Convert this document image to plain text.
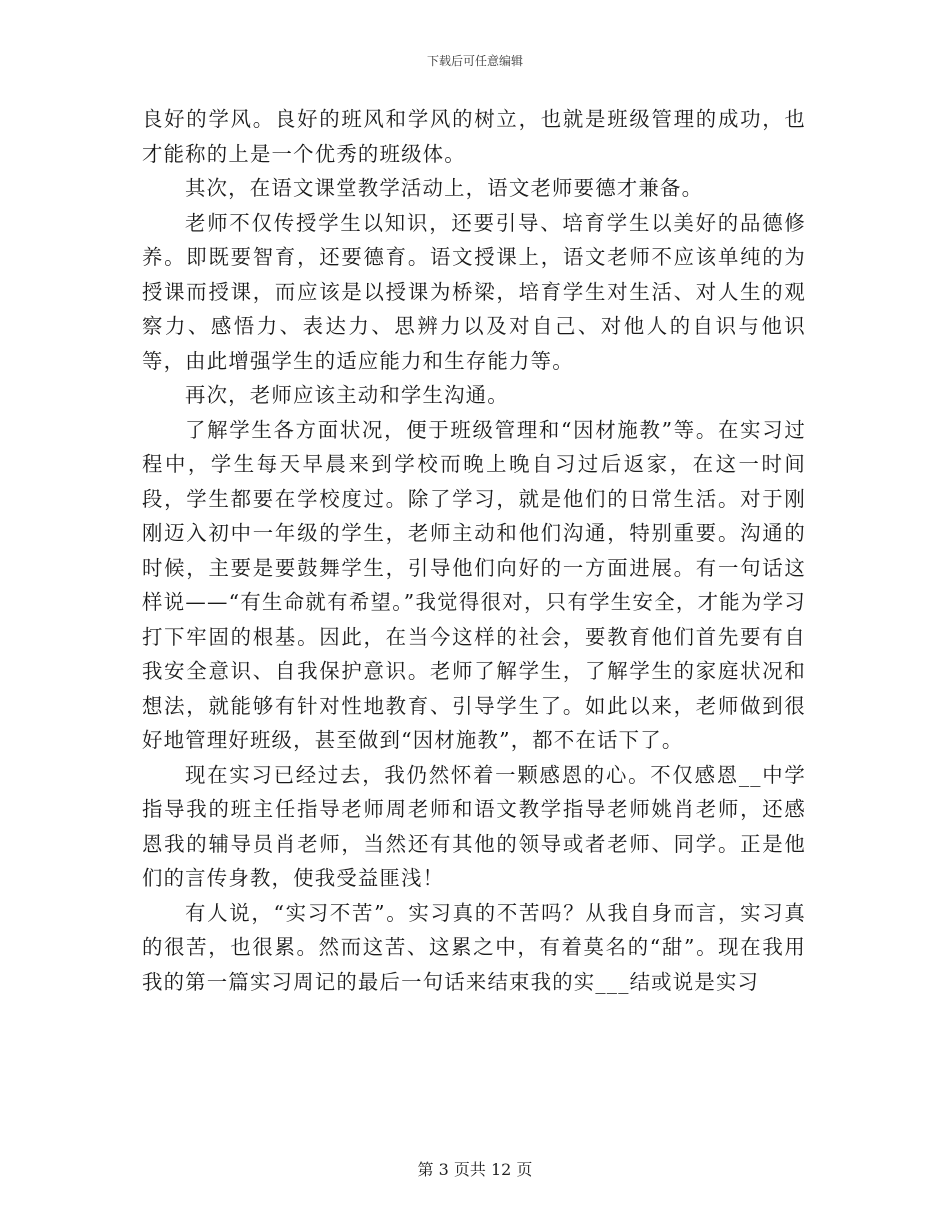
下载后可任意编辑

良好的学风。良好的班风和学风的树立，也就是班级管理的成功，也才能称的上是一个优秀的班级体。

其次，在语文课堂教学活动上，语文老师要德才兼备。

老师不仅传授学生以知识，还要引导、培育学生以美好的品德修养。即既要智育，还要德育。语文授课上，语文老师不应该单纯的为授课而授课，而应该是以授课为桥梁，培育学生对生活、对人生的观察力、感悟力、表达力、思辨力以及对自己、对他人的自识与他识等，由此增强学生的适应能力和生存能力等。

再次，老师应该主动和学生沟通。

了解学生各方面状况，便于班级管理和“因材施教”等。在实习过程中，学生每天早晨来到学校而晚上晚自习过后返家，在这一时间段，学生都要在学校度过。除了学习，就是他们的日常生活。对于刚刚迈入初中一年级的学生，老师主动和他们沟通，特别重要。沟通的时候，主要是要鼓舞学生，引导他们向好的一方面进展。有一句话这样说——“有生命就有希望。”我觉得很对，只有学生安全，才能为学习打下牢固的根基。因此，在当今这样的社会，要教育他们首先要有自我安全意识、自我保护意识。老师了解学生，了解学生的家庭状况和想法，就能够有针对性地教育、引导学生了。如此以来，老师做到很好地管理好班级，甚至做到“因材施教”，都不在话下了。

现在实习已经过去，我仍然怀着一颗感恩的心。不仅感恩__中学指导我的班主任指导老师周老师和语文教学指导老师姚肖老师，还感恩我的辅导员肖老师，当然还有其他的领导或者老师、同学。正是他们的言传身教，使我受益匪浅！

有人说，“实习不苦”。实习真的不苦吗？从我自身而言，实习真的很苦，也很累。然而这苦、这累之中，有着莫名的“甜”。现在我用我的第一篇实习周记的最后一句话来结束我的实___结或说是实习

第 3 页共 12 页
